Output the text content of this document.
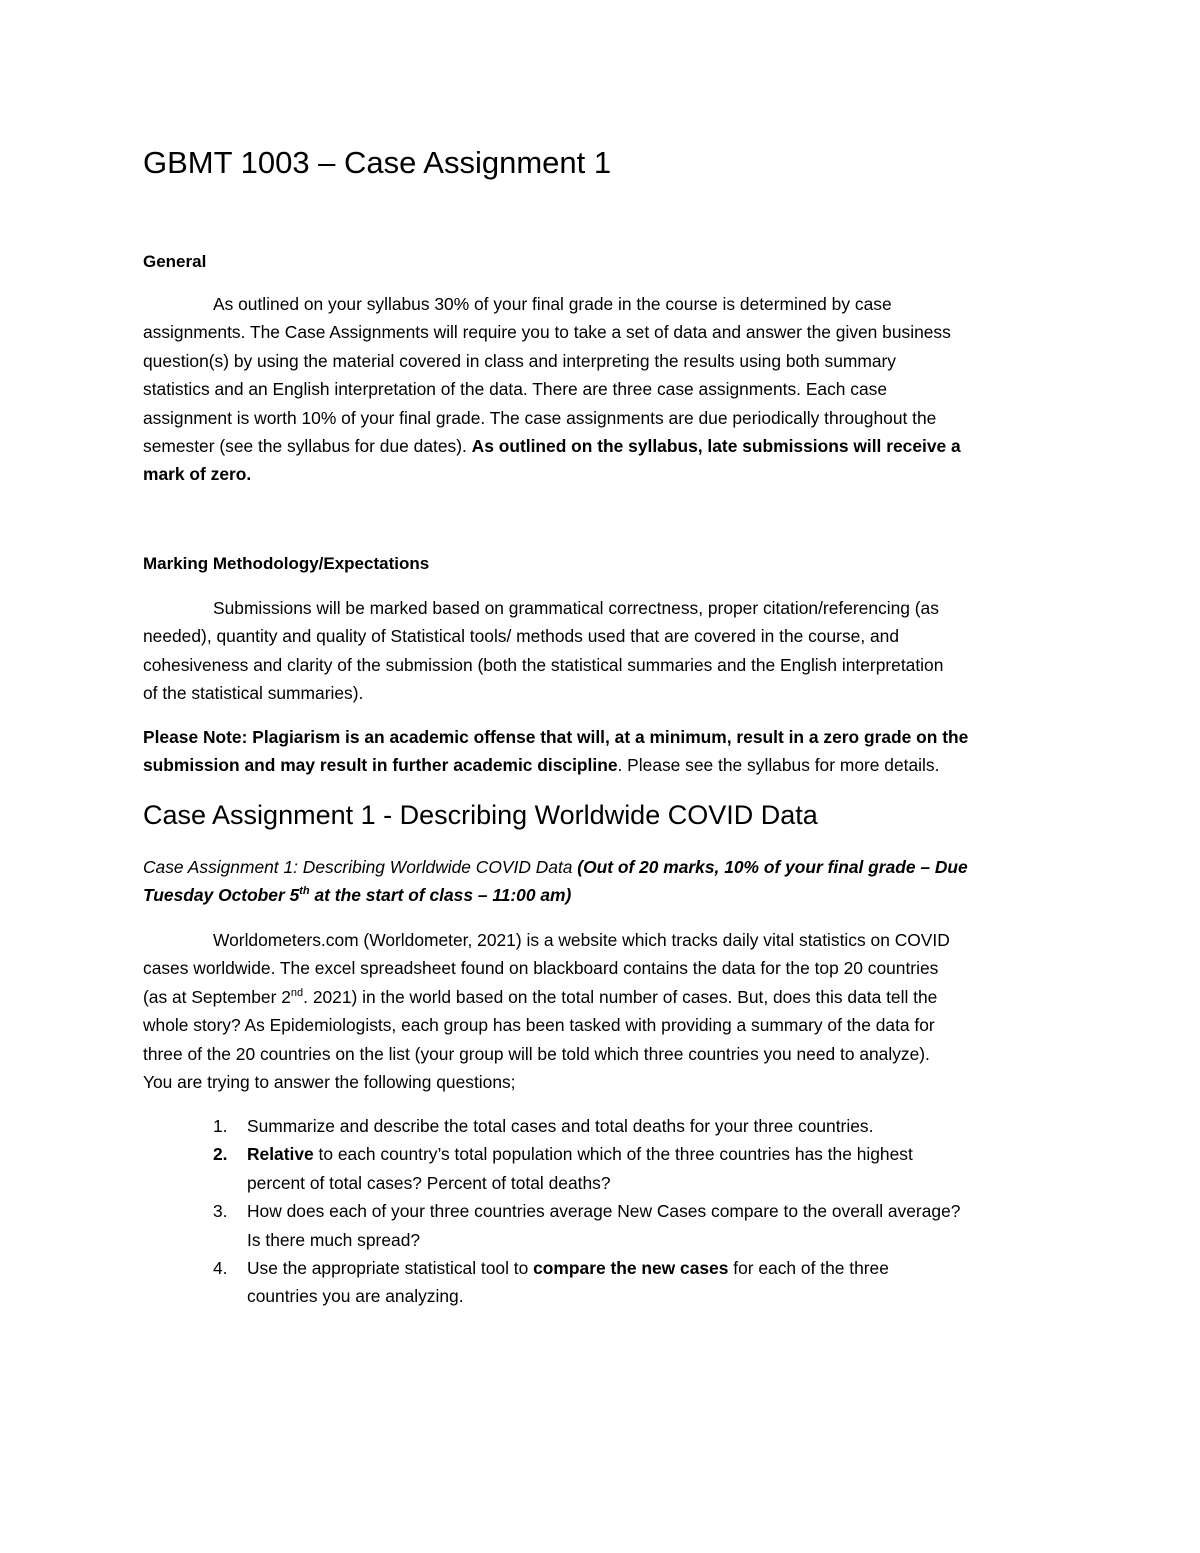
GBMT 1003 – Case Assignment 1
General
As outlined on your syllabus 30% of your final grade in the course is determined by case
assignments. The Case Assignments will require you to take a set of data and answer the given business
question(s) by using the material covered in class and interpreting the results using both summary
statistics and an English interpretation of the data. There are three case assignments. Each case
assignment is worth 10% of your final grade. The case assignments are due periodically throughout the
semester (see the syllabus for due dates). As outlined on the syllabus, late submissions will receive a
mark of zero.
Marking Methodology/Expectations
Submissions will be marked based on grammatical correctness, proper citation/referencing (as
needed), quantity and quality of Statistical tools/ methods used that are covered in the course, and
cohesiveness and clarity of the submission (both the statistical summaries and the English interpretation
of the statistical summaries).
Please Note: Plagiarism is an academic offense that will, at a minimum, result in a zero grade on the
submission and may result in further academic discipline. Please see the syllabus for more details.
Case Assignment 1 - Describing Worldwide COVID Data
Case Assignment 1: Describing Worldwide COVID Data (Out of 20 marks, 10% of your final grade – Due
Tuesday October 5th at the start of class – 11:00 am)
Worldometers.com (Worldometer, 2021) is a website which tracks daily vital statistics on COVID
cases worldwide. The excel spreadsheet found on blackboard contains the data for the top 20 countries
(as at September 2nd. 2021) in the world based on the total number of cases. But, does this data tell the
whole story? As Epidemiologists, each group has been tasked with providing a summary of the data for
three of the 20 countries on the list (your group will be told which three countries you need to analyze).
You are trying to answer the following questions;
1. Summarize and describe the total cases and total deaths for your three countries.
2. Relative to each country’s total population which of the three countries has the highest
percent of total cases? Percent of total deaths?
3. How does each of your three countries average New Cases compare to the overall average?
Is there much spread?
4. Use the appropriate statistical tool to compare the new cases for each of the three
countries you are analyzing.
